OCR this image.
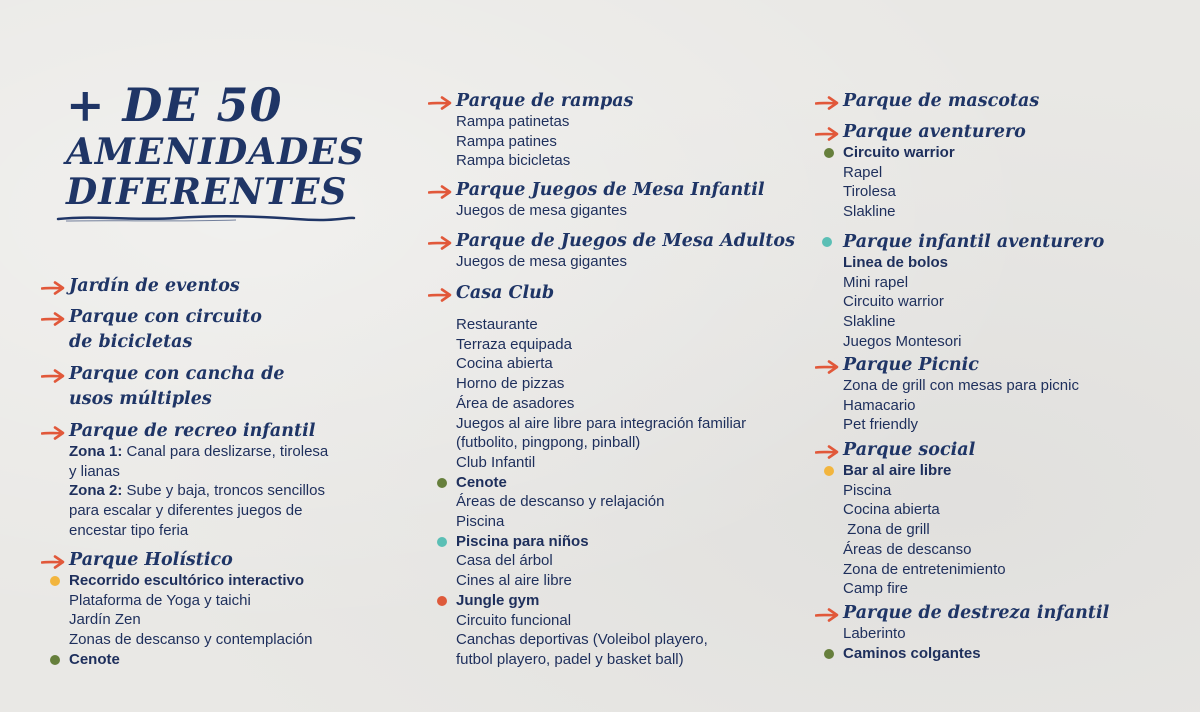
+ DE 50
AMENIDADES
DIFERENTES
Jardín de eventos
Parque con circuito
de bicicletas
Parque con cancha de
usos múltiples
Parque de recreo infantil
Zona 1: Canal para deslizarse, tirolesa
y lianas
Zona 2: Sube y baja, troncos sencillos
para escalar y diferentes juegos de
encestar tipo feria
Parque Holístico
Recorrido escultórico interactivo
Plataforma de Yoga y taichi
Jardín Zen
Zonas de descanso y contemplación
Cenote
Parque de rampas
Rampa patinetas
Rampa patines
Rampa bicicletas
Parque Juegos de Mesa Infantil
Juegos de mesa gigantes
Parque de Juegos de Mesa Adultos
Juegos de mesa gigantes
Casa Club
Restaurante
Terraza equipada
Cocina abierta
Horno de pizzas
Área de asadores
Juegos al aire libre para integración familiar
(futbolito, pingpong, pinball)
Club Infantil
Cenote
Áreas de descanso y relajación
Piscina
Piscina para niños
Casa del árbol
Cines al aire libre
Jungle gym
Circuito funcional
Canchas deportivas (Voleibol playero,
futbol playero, padel y basket ball)
Parque de mascotas
Parque aventurero
Circuito warrior
Rapel
Tirolesa
Slakline
Parque infantil aventurero
Linea de bolos
Mini rapel
Circuito warrior
Slakline
Juegos Montesori
Parque Picnic
Zona de grill con mesas para picnic
Hamacario
Pet friendly
Parque social
Bar al aire libre
Piscina
Cocina abierta
Zona de grill
Áreas de descanso
Zona de entretenimiento
Camp fire
Parque de destreza infantil
Laberinto
Caminos colgantes
